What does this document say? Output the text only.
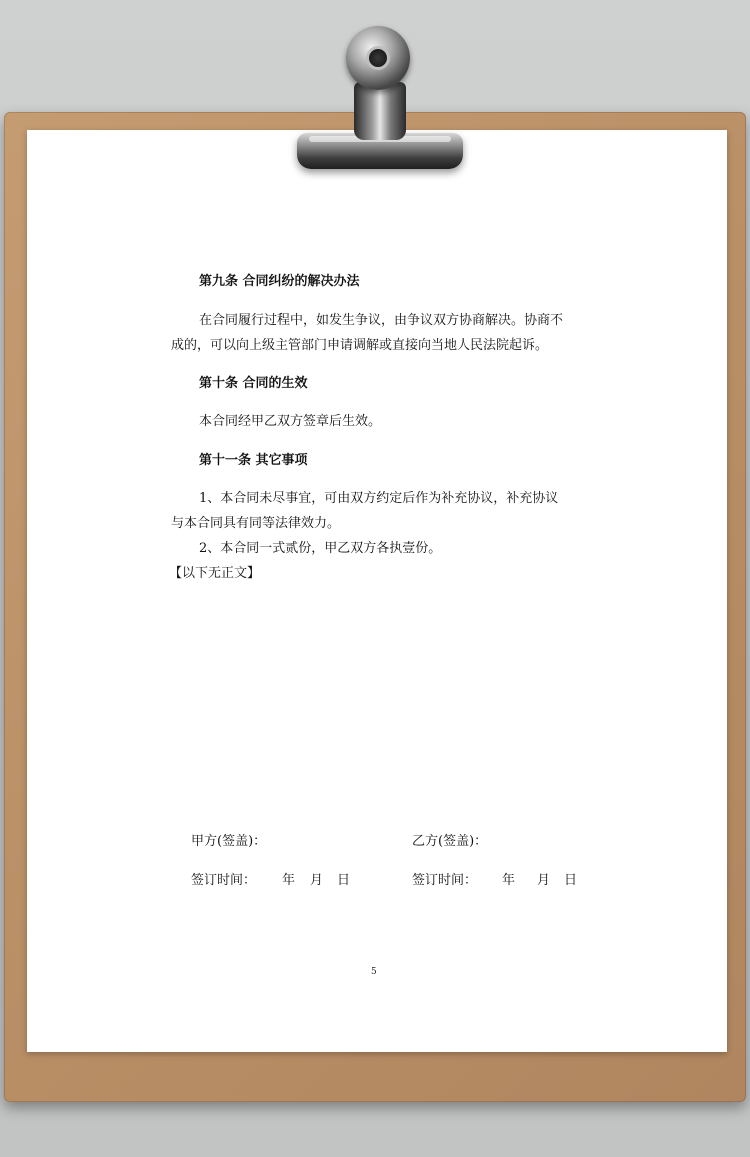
第九条 合同纠纷的解决办法
在合同履行过程中，如发生争议，由争议双方协商解决。协商不
成的，可以向上级主管部门申请调解或直接向当地人民法院起诉。
第十条 合同的生效
本合同经甲乙双方签章后生效。
第十一条 其它事项
1、本合同未尽事宜，可由双方约定后作为补充协议，补充协议
与本合同具有同等法律效力。
2、本合同一式贰份，甲乙双方各执壹份。
【以下无正文】
甲方(签盖)：	乙方(签盖)：
签订时间： 年 月 日	签订时间： 年 月 日
5
